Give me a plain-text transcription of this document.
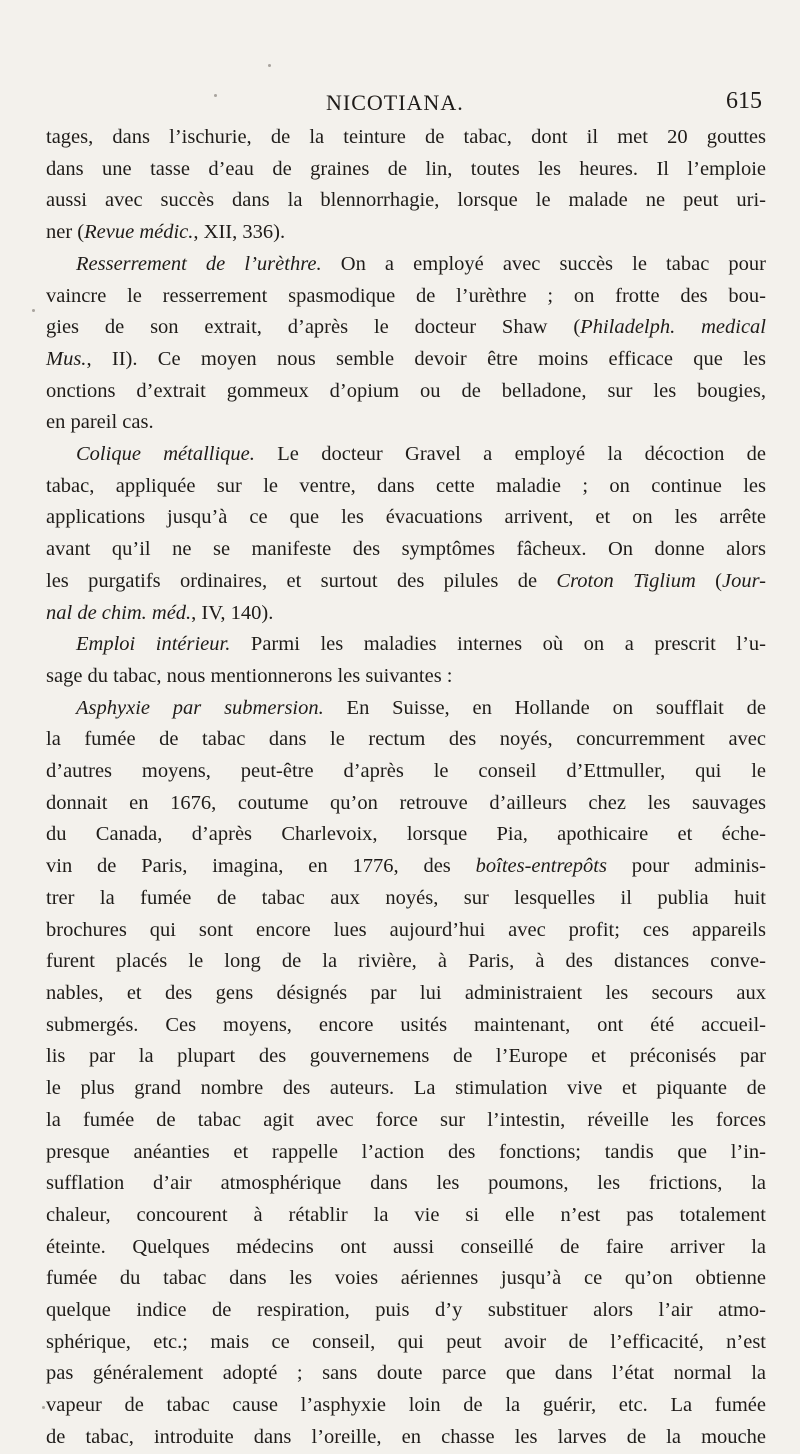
NICOTIANA.	615
tages, dans l’ischurie, de la teinture de tabac, dont il met 20 gouttes
dans une tasse d’eau de graines de lin, toutes les heures. Il l’emploie
aussi avec succès dans la blennorrhagie, lorsque le malade ne peut uri-
ner (Revue médic., XII, 336).
Resserrement de l’urèthre. On a employé avec succès le tabac pour
vaincre le resserrement spasmodique de l’urèthre ; on frotte des bou-
gies de son extrait, d’après le docteur Shaw (Philadelph. medical
Mus., II). Ce moyen nous semble devoir être moins efficace que les
onctions d’extrait gommeux d’opium ou de belladone, sur les bougies,
en pareil cas.
Colique métallique. Le docteur Gravel a employé la décoction de
tabac, appliquée sur le ventre, dans cette maladie ; on continue les
applications jusqu’à ce que les évacuations arrivent, et on les arrête
avant qu’il ne se manifeste des symptômes fâcheux. On donne alors
les purgatifs ordinaires, et surtout des pilules de Croton Tiglium (Jour-
nal de chim. méd., IV, 140).
Emploi intérieur. Parmi les maladies internes où on a prescrit l’u-
sage du tabac, nous mentionnerons les suivantes :
Asphyxie par submersion. En Suisse, en Hollande on soufflait de
la fumée de tabac dans le rectum des noyés, concurremment avec
d’autres moyens, peut-être d’après le conseil d’Ettmuller, qui le
donnait en 1676, coutume qu’on retrouve d’ailleurs chez les sauvages
du Canada, d’après Charlevoix, lorsque Pia, apothicaire et éche-
vin de Paris, imagina, en 1776, des boîtes-entrepôts pour adminis-
trer la fumée de tabac aux noyés, sur lesquelles il publia huit
brochures qui sont encore lues aujourd’hui avec profit; ces appareils
furent placés le long de la rivière, à Paris, à des distances conve-
nables, et des gens désignés par lui administraient les secours aux
submergés. Ces moyens, encore usités maintenant, ont été accueil-
lis par la plupart des gouvernemens de l’Europe et préconisés par
le plus grand nombre des auteurs. La stimulation vive et piquante de
la fumée de tabac agit avec force sur l’intestin, réveille les forces
presque anéanties et rappelle l’action des fonctions; tandis que l’in-
sufflation d’air atmosphérique dans les poumons, les frictions, la
chaleur, concourent à rétablir la vie si elle n’est pas totalement
éteinte. Quelques médecins ont aussi conseillé de faire arriver la
fumée du tabac dans les voies aériennes jusqu’à ce qu’on obtienne
quelque indice de respiration, puis d’y substituer alors l’air atmo-
sphérique, etc.; mais ce conseil, qui peut avoir de l’efficacité, n’est
pas généralement adopté ; sans doute parce que dans l’état normal la
vapeur de tabac cause l’asphyxie loin de la guérir, etc. La fumée
de tabac, introduite dans l’oreille, en chasse les larves de la mouche
